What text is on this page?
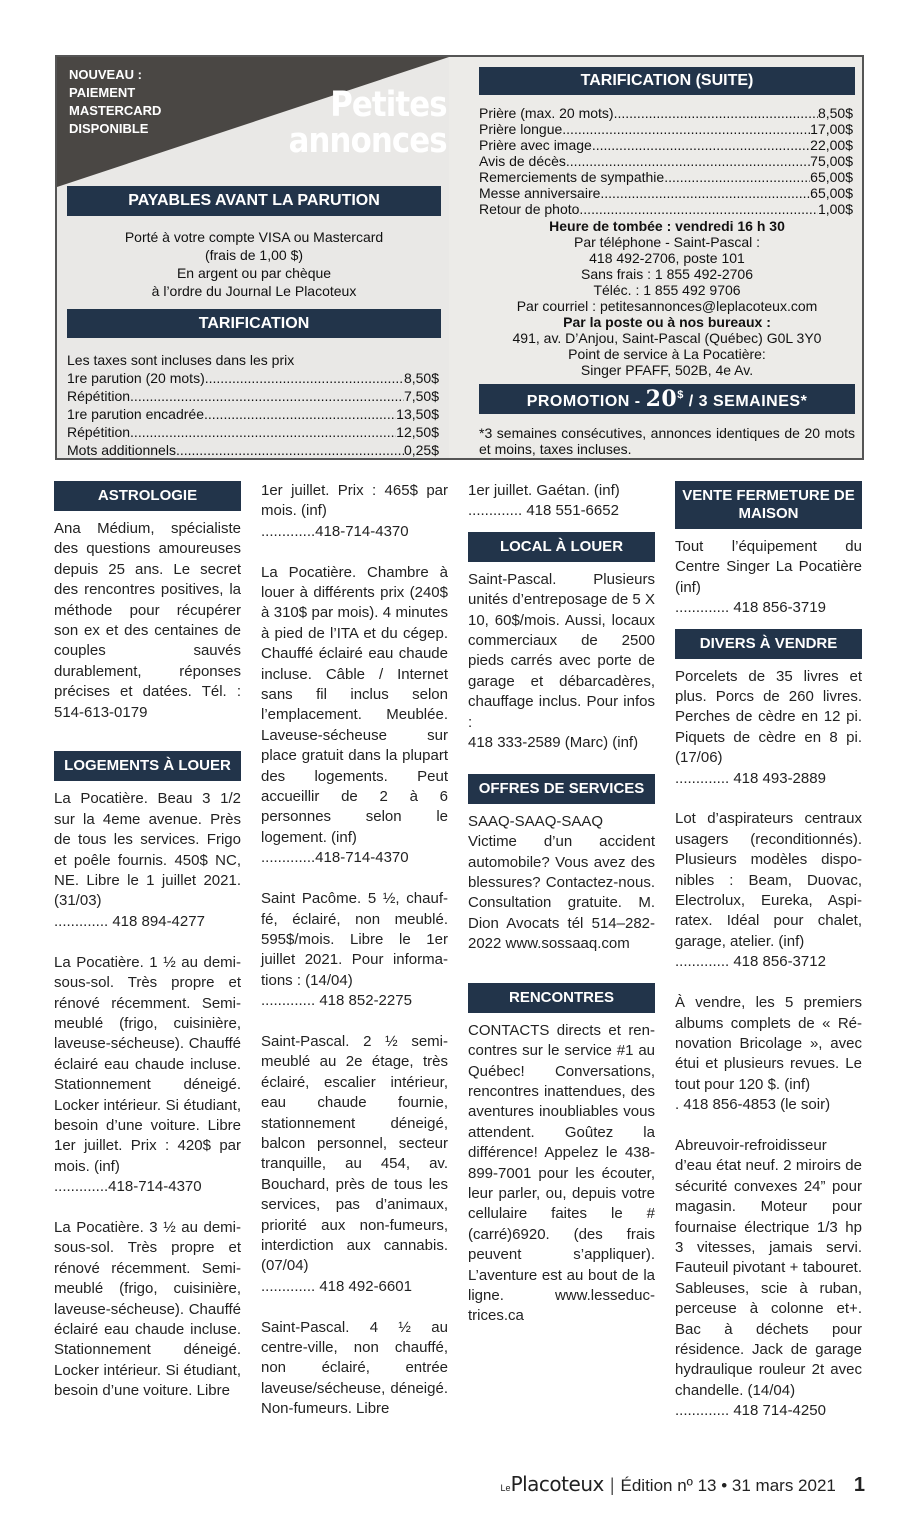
NOUVEAU :
PAIEMENT
MASTERCARD
DISPONIBLE
Petites
annonces
PAYABLES AVANT LA PARUTION
Porté à votre compte VISA ou Mastercard
(frais de 1,00 $)
En argent ou par chèque
à l’ordre du Journal Le Placoteux
TARIFICATION
Les taxes sont incluses dans les prix
1re parution (20 mots) .....	8,50$
Répétition .....	7,50$
1re parution encadrée .....	13,50$
Répétition .....	12,50$
Mots additionnels .....	0,25$
TARIFICATION (SUITE)
Prière (max. 20 mots) .....	8,50$
Prière longue .....	17,00$
Prière avec image .....	22,00$
Avis de décès .....	75,00$
Remerciements de sympathie .....	65,00$
Messe anniversaire .....	65,00$
Retour de photo .....	1,00$
Heure de tombée : vendredi 16 h 30
Par téléphone - Saint-Pascal :
418 492-2706, poste 101
Sans frais : 1 855 492-2706
Téléc. : 1 855 492 9706
Par courriel : petitesannonces@leplacoteux.com
Par la poste ou à nos bureaux :
491, av. D’Anjou, Saint-Pascal (Québec) G0L 3Y0
Point de service à La Pocatière:
Singer PFAFF, 502B, 4e Av.
PROMOTION - 20$ / 3 SEMAINES*
*3 semaines consécutives, annonces identiques de 20 mots et moins, taxes incluses.
ASTROLOGIE

Ana Médium, spécialiste des questions amoureuses depuis 25 ans. Le secret des rencontres positives, la méthode pour récupérer son ex et des centaines de couples sauvés durablement, réponses précises et datées. Tél. : 514-613-0179

LOGEMENTS À LOUER

La Pocatière. Beau 3 1/2 sur la 4eme avenue. Près de tous les services. Frigo et poêle fournis. 450$ NC, NE. Libre le 1 juillet 2021. (31/03)

............. 418 894-4277

La Pocatière. 1 ½ au demi-sous-sol. Très propre et rénové récemment. Semi-meublé (frigo, cuisinière, laveuse-sécheuse). Chauffé éclairé eau chaude incluse. Stationnement déneigé. Locker intérieur. Si étudiant, besoin d’une voiture. Libre 1er juillet. Prix : 420$ par mois. (inf)

.............418-714-4370

La Pocatière. 3 ½ au demi-sous-sol. Très propre et rénové récemment. Semi-meublé (frigo, cuisinière, laveuse-sécheuse). Chauffé éclairé eau chaude incluse. Stationnement déneigé. Locker intérieur. Si étudiant, besoin d’une voiture. Libre

1er juillet. Prix : 465$ par mois. (inf)

.............418-714-4370

La Pocatière. Chambre à louer à différents prix (240$ à 310$ par mois). 4 minutes à pied de l’ITA et du cégep. Chauffé éclairé eau chaude incluse. Câble / Internet sans fil inclus selon l’emplacement. Meublée. Laveuse-sécheuse sur place gratuit dans la plupart des logements. Peut accueillir de 2 à 6 personnes selon le logement. (inf)

.............418-714-4370

Saint Pacôme. 5 ½, chauffé, éclairé, non meublé. 595$/mois. Libre le 1er juillet 2021. Pour informations : (14/04)

............. 418 852-2275

Saint-Pascal. 2 ½ semi-meublé au 2e étage, très éclairé, escalier intérieur, eau chaude fournie, stationnement déneigé, balcon personnel, secteur tranquille, au 454, av. Bouchard, près de tous les services, pas d’animaux, priorité aux non-fumeurs, interdiction aux cannabis. (07/04)

............. 418 492-6601

Saint-Pascal. 4 ½ au centre-ville, non chauffé, non éclairé, entrée laveuse/sécheuse, déneigé. Non-fumeurs. Libre

1er juillet. Gaétan. (inf)

............. 418 551-6652

LOCAL À LOUER

Saint-Pascal. Plusieurs unités d’entreposage de 5 X 10, 60$/mois. Aussi, locaux commerciaux de 2500 pieds carrés avec porte de garage et débarcadères, chauffage inclus. Pour infos :

418 333-2589 (Marc) (inf)

OFFRES DE SERVICES

SAAQ-SAAQ-SAAQ Victime d’un accident automobile? Vous avez des blessures? Contactez-nous. Consultation gratuite. M. Dion Avocats tél 514–282-2022 www.sossaaq.com

RENCONTRES

CONTACTS directs et rencontres sur le service #1 au Québec! Conversations, rencontres inattendues, des aventures inoubliables vous attendent. Goûtez la différence! Appelez le 438-899-7001 pour les écouter, leur parler, ou, depuis votre cellulaire faites le #(carré)6920. (des frais peuvent s’appliquer). L’aventure est au bout de la ligne. www.lesseductrices.ca

VENTE FERMETURE DE MAISON

Tout l’équipement du Centre Singer La Pocatière (inf)

............. 418 856-3719

DIVERS À VENDRE

Porcelets de 35 livres et plus. Porcs de 260 livres. Perches de cèdre en 12 pi. Piquets de cèdre en 8 pi. (17/06)

............. 418 493-2889

Lot d’aspirateurs centraux usagers (reconditionnés). Plusieurs modèles disponibles : Beam, Duovac, Electrolux, Eureka, Aspiratex. Idéal pour chalet, garage, atelier. (inf)

............. 418 856-3712

À vendre, les 5 premiers albums complets de « Rénovation Bricolage », avec étui et plusieurs revues. Le tout pour 120 $. (inf)

. 418 856-4853 (le soir)

Abreuvoir-refroidisseur d’eau état neuf. 2 miroirs de sécurité convexes 24” pour magasin. Moteur pour fournaise électrique 1/3 hp 3 vitesses, jamais servi. Fauteuil pivotant + tabouret. Sableuses, scie à ruban, perceuse à colonne et+. Bac à déchets pour résidence. Jack de garage hydraulique rouleur 2t avec chandelle. (14/04)

............. 418 714-4250

Le Placoteux | Édition nº 13 • 31 mars 2021 1
